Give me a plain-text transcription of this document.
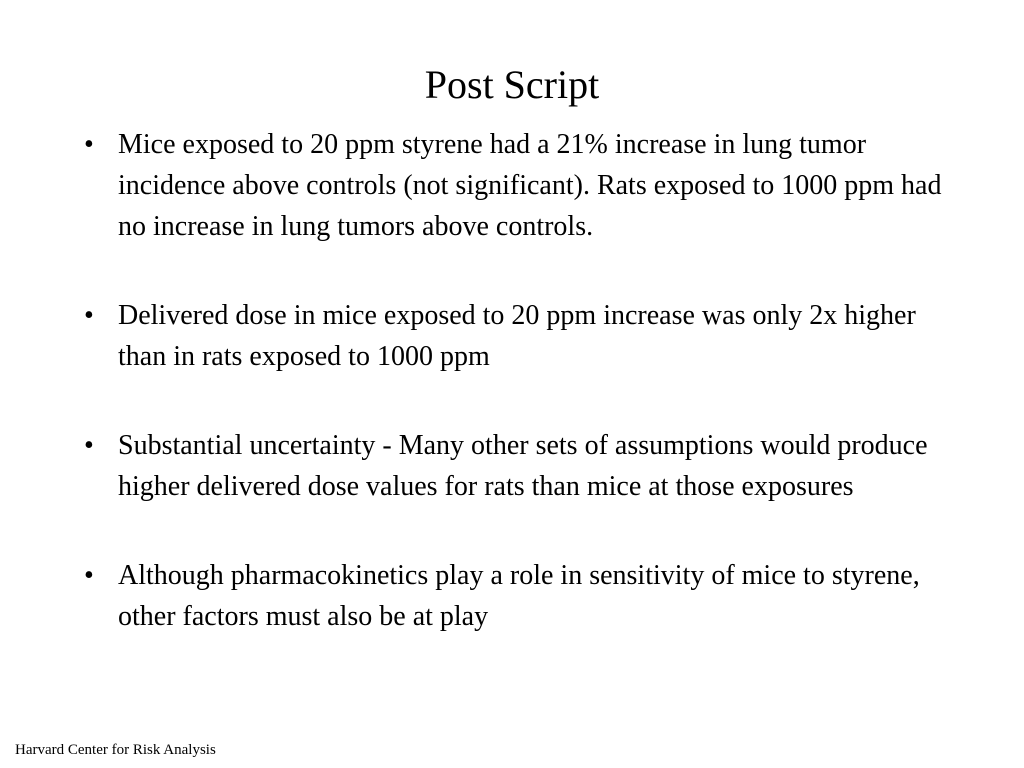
Post Script
• Mice exposed to 20 ppm styrene had a 21% increase in lung tumor incidence above controls (not significant). Rats exposed to 1000 ppm had no increase in lung tumors above controls.
• Delivered dose in mice exposed to 20 ppm increase was only 2x higher than in rats exposed to 1000 ppm
• Substantial uncertainty - Many other sets of assumptions would produce higher delivered dose values for rats than mice at those exposures
• Although pharmacokinetics play a role in sensitivity of mice to styrene, other factors must also be at play
Harvard Center for Risk Analysis
